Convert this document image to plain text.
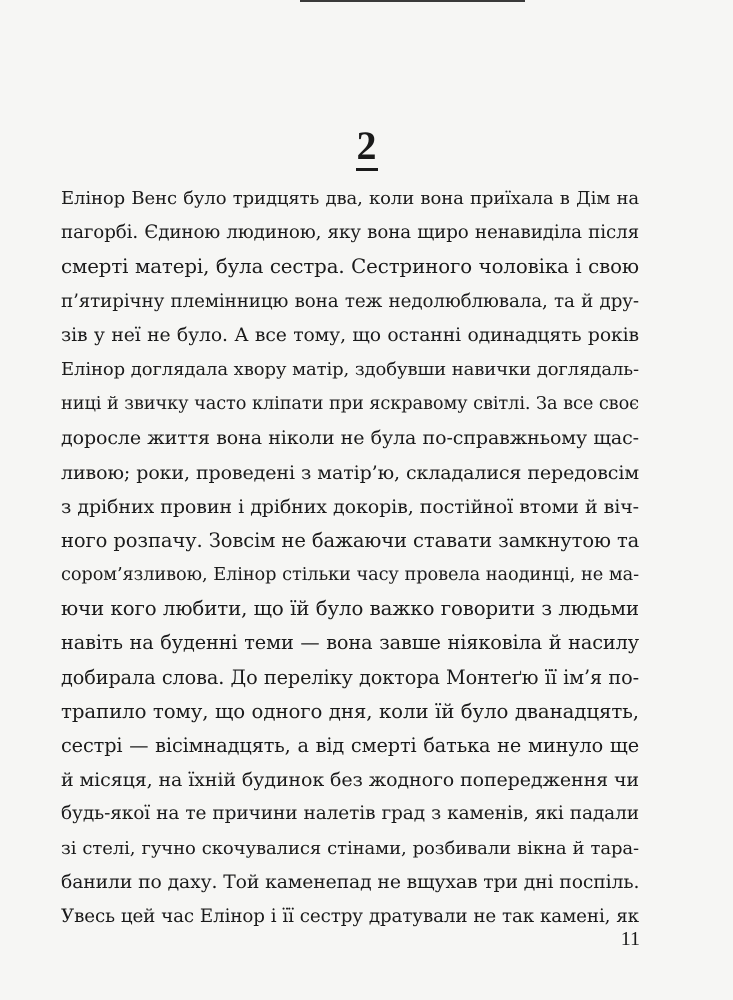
2
Елінор Венс було тридцять два, коли вона приїхала в Дім на
пагорбі. Єдиною людиною, яку вона щиро ненавиділа після
смерті матері, була сестра. Сестриного чоловіка і свою
п’ятирічну племінницю вона теж недолюблювала, та й дру-
зів у неї не було. А все тому, що останні одинадцять років
Елінор доглядала хвору матір, здобувши навички доглядаль-
ниці й звичку часто кліпати при яскравому світлі. За все своє
доросле життя вона ніколи не була по-справжньому щас-
ливою; роки, проведені з матір’ю, складалися передовсім
з дрібних провин і дрібних докорів, постійної втоми й віч-
ного розпачу. Зовсім не бажаючи ставати замкнутою та
сором’язливою, Елінор стільки часу провела наодинці, не ма-
ючи кого любити, що їй було важко говорити з людьми
навіть на буденні теми — вона завше ніяковіла й насилу
добирала слова. До переліку доктора Монтеґю її ім’я по-
трапило тому, що одного дня, коли їй було дванадцять,
сестрі — вісімнадцять, а від смерті батька не минуло ще
й місяця, на їхній будинок без жодного попередження чи
будь-якої на те причини налетів град з каменів, які падали
зі стелі, гучно скочувалися стінами, розбивали вікна й тара-
банили по даху. Той каменепад не вщухав три дні поспіль.
Увесь цей час Елінор і її сестру дратували не так камені, як
11
